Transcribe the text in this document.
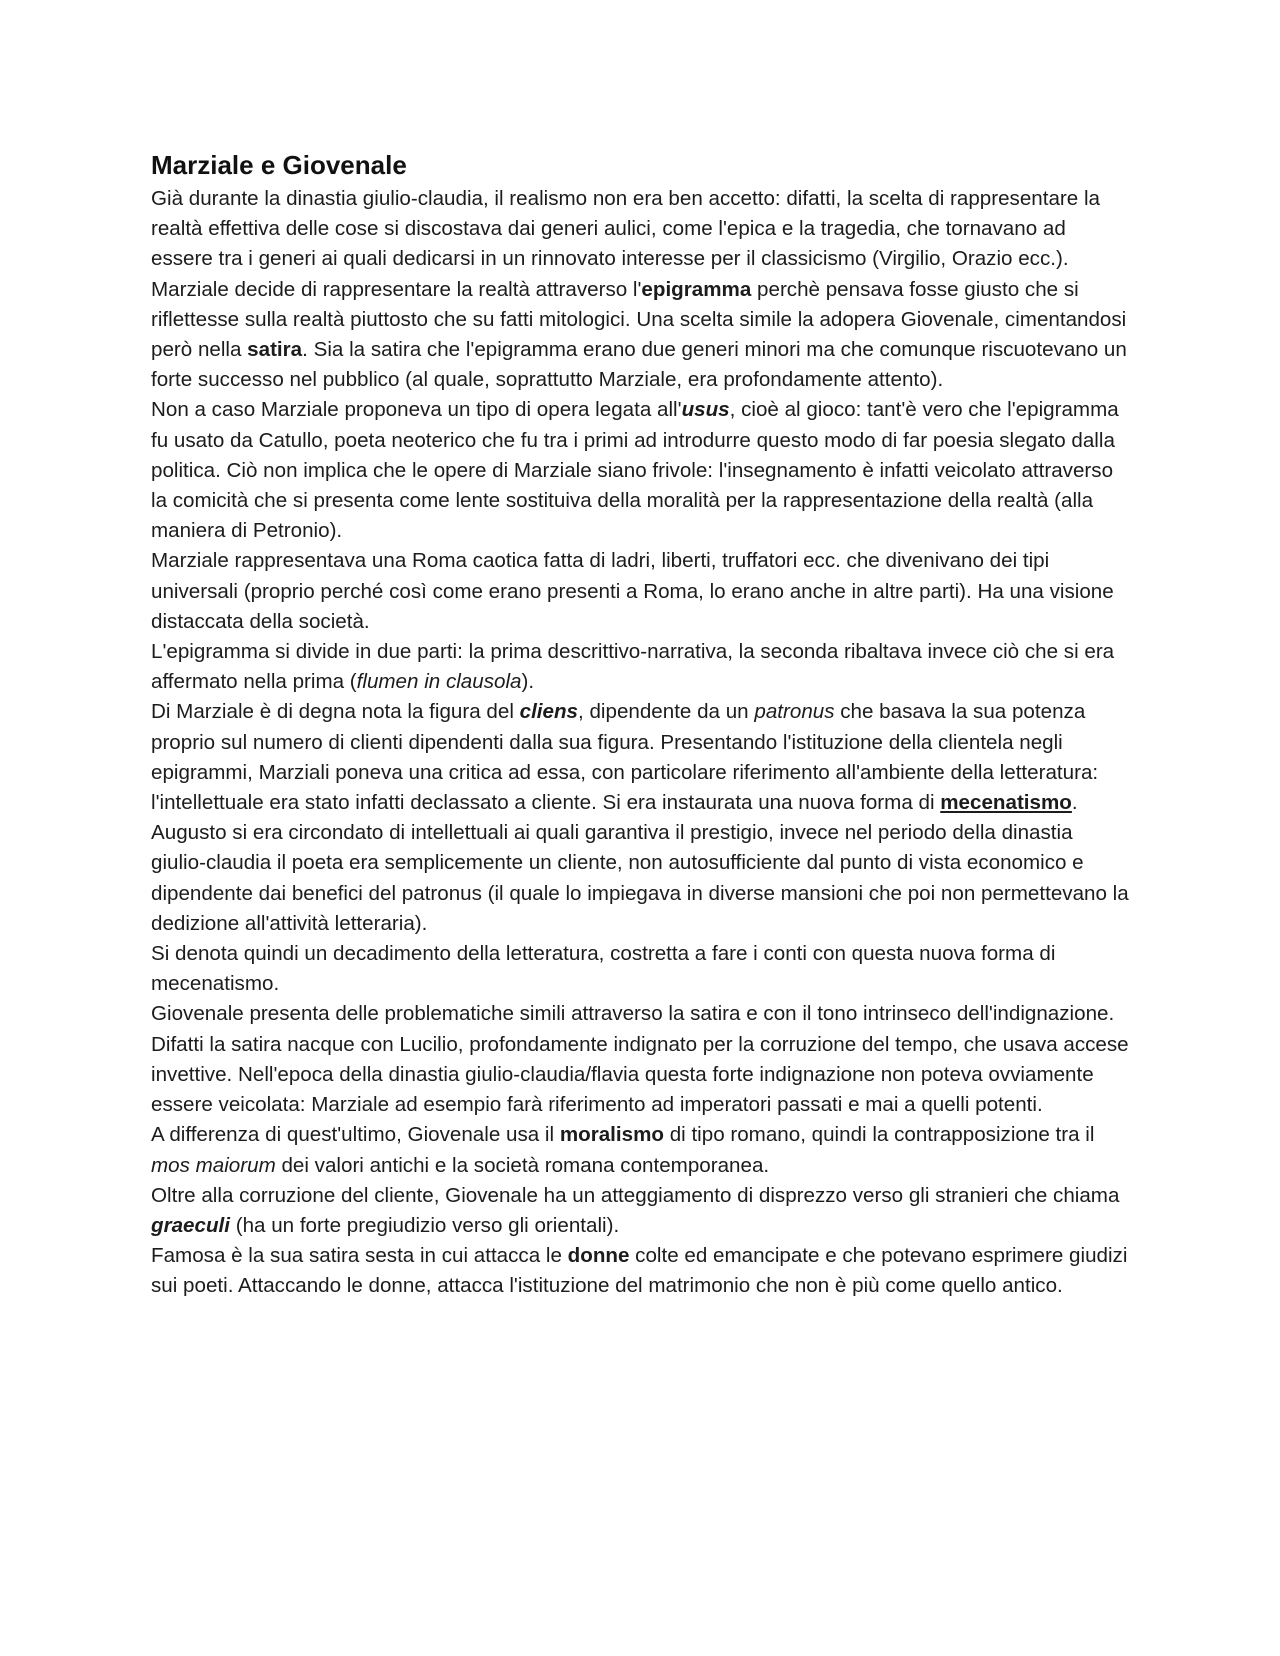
Marziale e Giovenale

Già durante la dinastia giulio-claudia, il realismo non era ben accetto: difatti, la scelta di rappresentare la realtà effettiva delle cose si discostava dai generi aulici, come l'epica e la tragedia, che tornavano ad essere tra i generi ai quali dedicarsi in un rinnovato interesse per il classicismo (Virgilio, Orazio ecc.).

Marziale decide di rappresentare la realtà attraverso l'epigramma perchè pensava fosse giusto che si riflettesse sulla realtà piuttosto che su fatti mitologici. Una scelta simile la adopera Giovenale, cimentandosi però nella satira. Sia la satira che l'epigramma erano due generi minori ma che comunque riscuotevano un forte successo nel pubblico (al quale, soprattutto Marziale, era profondamente attento).

Non a caso Marziale proponeva un tipo di opera legata all'usus, cioè al gioco: tant'è vero che l'epigramma fu usato da Catullo, poeta neoterico che fu tra i primi ad introdurre questo modo di far poesia slegato dalla politica. Ciò non implica che le opere di Marziale siano frivole: l'insegnamento è infatti veicolato attraverso la comicità che si presenta come lente sostituiva della moralità per la rappresentazione della realtà (alla maniera di Petronio).

Marziale rappresentava una Roma caotica fatta di ladri, liberti, truffatori ecc. che divenivano dei tipi universali (proprio perché così come erano presenti a Roma, lo erano anche in altre parti). Ha una visione distaccata della società.

L'epigramma si divide in due parti: la prima descrittivo-narrativa, la seconda ribaltava invece ciò che si era affermato nella prima (flumen in clausola).

Di Marziale è di degna nota la figura del cliens, dipendente da un patronus che basava la sua potenza proprio sul numero di clienti dipendenti dalla sua figura. Presentando l'istituzione della clientela negli epigrammi, Marziali poneva una critica ad essa, con particolare riferimento all'ambiente della letteratura: l'intellettuale era stato infatti declassato a cliente. Si era instaurata una nuova forma di mecenatismo.

Augusto si era circondato di intellettuali ai quali garantiva il prestigio, invece nel periodo della dinastia giulio-claudia il poeta era semplicemente un cliente, non autosufficiente dal punto di vista economico e dipendente dai benefici del patronus (il quale lo impiegava in diverse mansioni che poi non permettevano la dedizione all'attività letteraria).

Si denota quindi un decadimento della letteratura, costretta a fare i conti con questa nuova forma di mecenatismo.

Giovenale presenta delle problematiche simili attraverso la satira e con il tono intrinseco dell'indignazione.

Difatti la satira nacque con Lucilio, profondamente indignato per la corruzione del tempo, che usava accese invettive. Nell'epoca della dinastia giulio-claudia/flavia questa forte indignazione non poteva ovviamente essere veicolata: Marziale ad esempio farà riferimento ad imperatori passati e mai a quelli potenti.

A differenza di quest'ultimo, Giovenale usa il moralismo di tipo romano, quindi la contrapposizione tra il mos maiorum dei valori antichi e la società romana contemporanea.

Oltre alla corruzione del cliente, Giovenale ha un atteggiamento di disprezzo verso gli stranieri che chiama graeculi (ha un forte pregiudizio verso gli orientali).

Famosa è la sua satira sesta in cui attacca le donne colte ed emancipate e che potevano esprimere giudizi sui poeti. Attaccando le donne, attacca l'istituzione del matrimonio che non è più come quello antico.
